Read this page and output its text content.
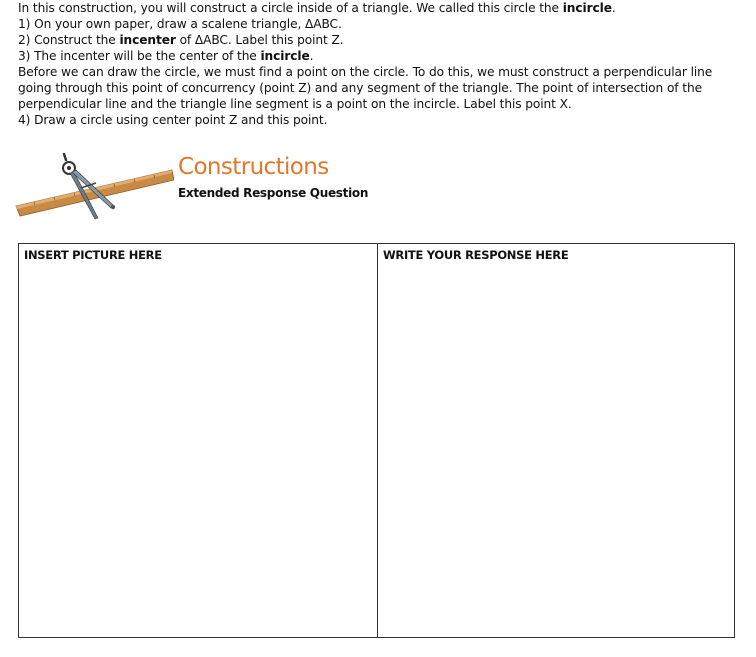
In this construction, you will construct a circle inside of a triangle. We called this circle the incircle.

1) On your own paper, draw a scalene triangle, ΔABC.

2) Construct the incenter of ΔABC. Label this point Z.

3) The incenter will be the center of the incircle.

Before we can draw the circle, we must find a point on the circle. To do this, we must construct a perpendicular line going through this point of concurrency (point Z) and any segment of the triangle. The point of intersection of the perpendicular line and the triangle line segment is a point on the incircle. Label this point X.

4) Draw a circle using center point Z and this point.

Constructions
Extended Response Question
INSERT PICTURE HERE	WRITE YOUR RESPONSE HERE
